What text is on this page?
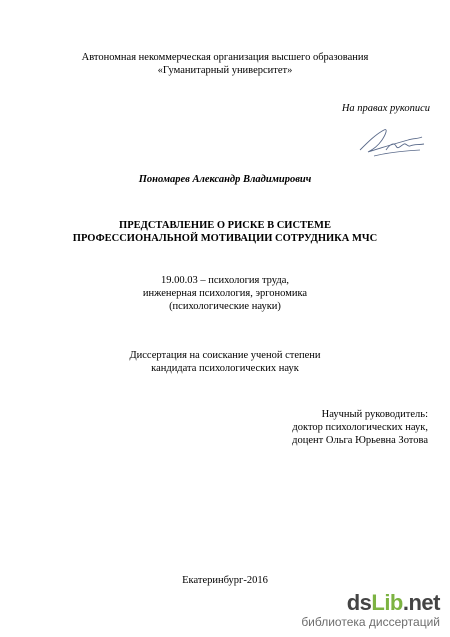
Автономная некоммерческая организация высшего образования
«Гуманитарный университет»
На правах рукописи
Пономарев Александр Владимирович
ПРЕДСТАВЛЕНИЕ О РИСКЕ В СИСТЕМЕ
ПРОФЕССИОНАЛЬНОЙ МОТИВАЦИИ СОТРУДНИКА МЧС
19.00.03 – психология труда,
инженерная психология, эргономика
(психологические науки)
Диссертация на соискание ученой степени
кандидата психологических наук
Научный руководитель:
доктор психологических наук,
доцент Ольга Юрьевна Зотова
Екатеринбург-2016
dsLib.net
библиотека диссертаций
